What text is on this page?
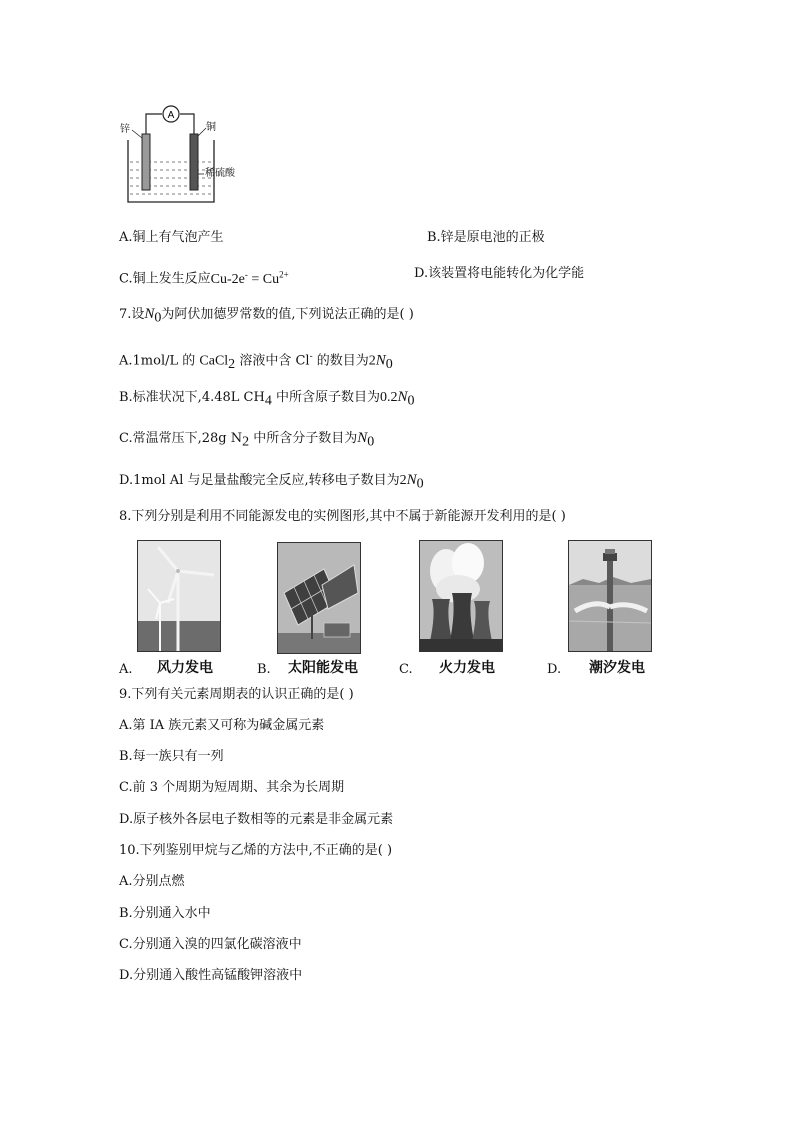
A
锌	铜
稀硫酸
A.铜上有气泡产生	B.锌是原电池的正极
C.铜上发生反应$Cu-2e^- = Cu^{2+}$	D.该装置将电能转化为化学能
7.设$N_0$为阿伏加德罗常数的值,下列说法正确的是( )
A.1mol/L 的 CaCl$_2$ 溶液中含 Cl- 的数目为$2N_0$
B.标准状况下,4.48L $CH_4$ 中所含原子数目为$0.2N_0$
C.常温常压下,28g $N_2$ 中所含分子数目为$N_0$
D.1mol Al 与足量盐酸完全反应,转移电子数目为$2N_0$
8.下列分别是利用不同能源发电的实例图形,其中不属于新能源开发利用的是( )
A. 风力发电	B. 太阳能发电	C. 火力发电	D. 潮汐发电
9.下列有关元素周期表的认识正确的是( )
A.第 IA 族元素又可称为碱金属元素
B.每一族只有一列
C.前 3 个周期为短周期、其余为长周期
D.原子核外各层电子数相等的元素是非金属元素
10.下列鉴别甲烷与乙烯的方法中,不正确的是( )
A.分别点燃
B.分别通入水中
C.分别通入溴的四氯化碳溶液中
D.分别通入酸性高锰酸钾溶液中
